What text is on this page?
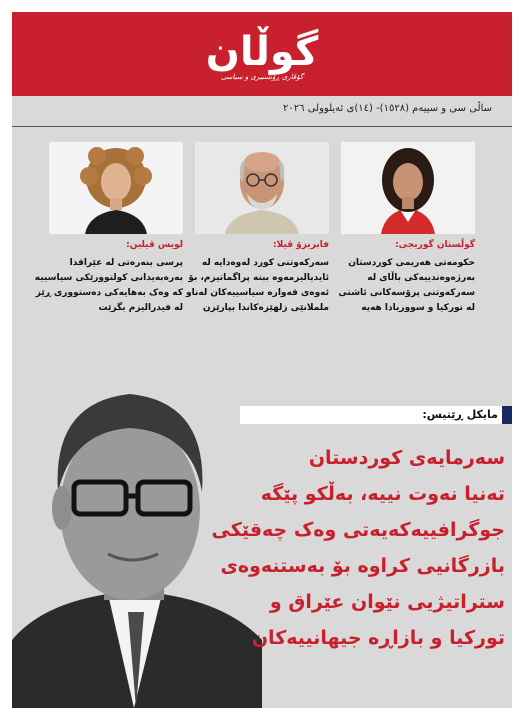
گوڵان
گۆڤاری ڕۆشنبیری و سیاسی
ساڵی سی و سییەم (١٥٢٨)- (١٤)ی ئەیلوولی ٢٠٢٦
گوڵستان گوریجی:
حکومەتی هەریمی کوردستان
بەرژەوەندییەکی باڵای لە
سەرکەوتنی پرۆسەکانی ئاشتی
لە تورکیا و سووریادا هەیە
فابریزۆ ڤیلا:
سەرکەوتنی کورد لەوەدایە لە
ئایدیالیزمەوە ببنە پراگماتیزم، بۆ
ئەوەی قەوارە سیاسییەکان لەناو
ململانێی زلهێزەکاندا بپارێزن
لویس ڤیلین:
پرسی بنەرەتی لە عێراقدا
بەرەبەیدانی کولتوورێکی سیاسییە
کە وەک بەهایەکی دەستووری ڕێز
لە فیدرالیزم بگرێت
مایکل ڕێتیس:
سەرمایەی کوردستان
تەنیا نەوت نییە، بەڵکو پێگە
جوگرافییەکەیەتی وەک چەقێکی
بازرگانیی کراوە بۆ بەستنەوەی
ستراتیژیی نێوان عێراق و
تورکیا و بازاڕە جیهانییەکان
